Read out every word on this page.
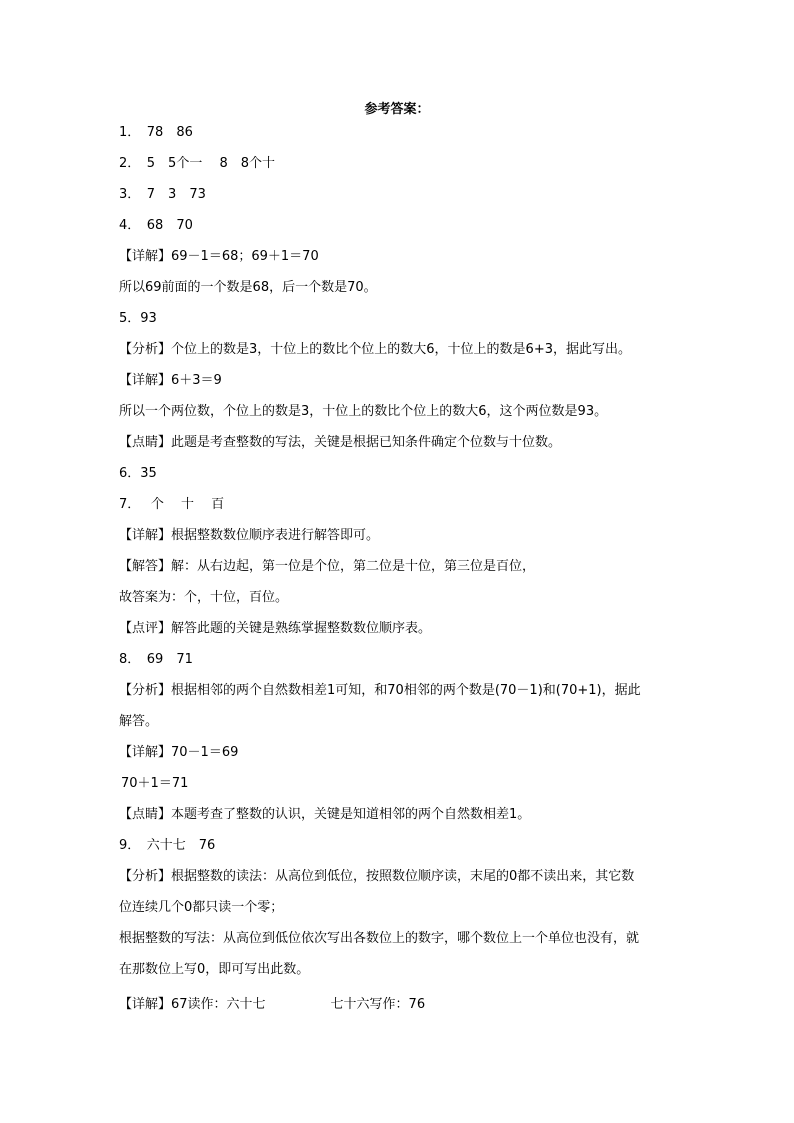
参考答案：
1．　78　86
2．　5　5个一　 8　8个十
3．　7　3　73
4．　68　70
【详解】69－1＝68；69＋1＝70
所以69前面的一个数是68，后一个数是70。
5．93
【分析】个位上的数是3，十位上的数比个位上的数大6，十位上的数是6+3，据此写出。
【详解】6＋3＝9
所以一个两位数，个位上的数是3，十位上的数比个位上的数大6，这个两位数是93。
【点睛】此题是考查整数的写法，关键是根据已知条件确定个位数与十位数。
6．35
7．　 个　 十　 百
【详解】根据整数数位顺序表进行解答即可。
【解答】解：从右边起，第一位是个位，第二位是十位，第三位是百位，
故答案为：个，十位，百位。
【点评】解答此题的关键是熟练掌握整数数位顺序表。
8．　69　71
【分析】根据相邻的两个自然数相差1可知，和70相邻的两个数是(70－1)和(70+1)，据此
解答。
【详解】70－1＝69
70＋1＝71
【点睛】本题考查了整数的认识，关键是知道相邻的两个自然数相差1。
9．　六十七　76
【分析】根据整数的读法：从高位到低位，按照数位顺序读，末尾的0都不读出来，其它数
位连续几个0都只读一个零；
根据整数的写法：从高位到低位依次写出各数位上的数字，哪个数位上一个单位也没有，就
在那数位上写0，即可写出此数。
【详解】67读作：六十七　　　　　七十六写作：76
